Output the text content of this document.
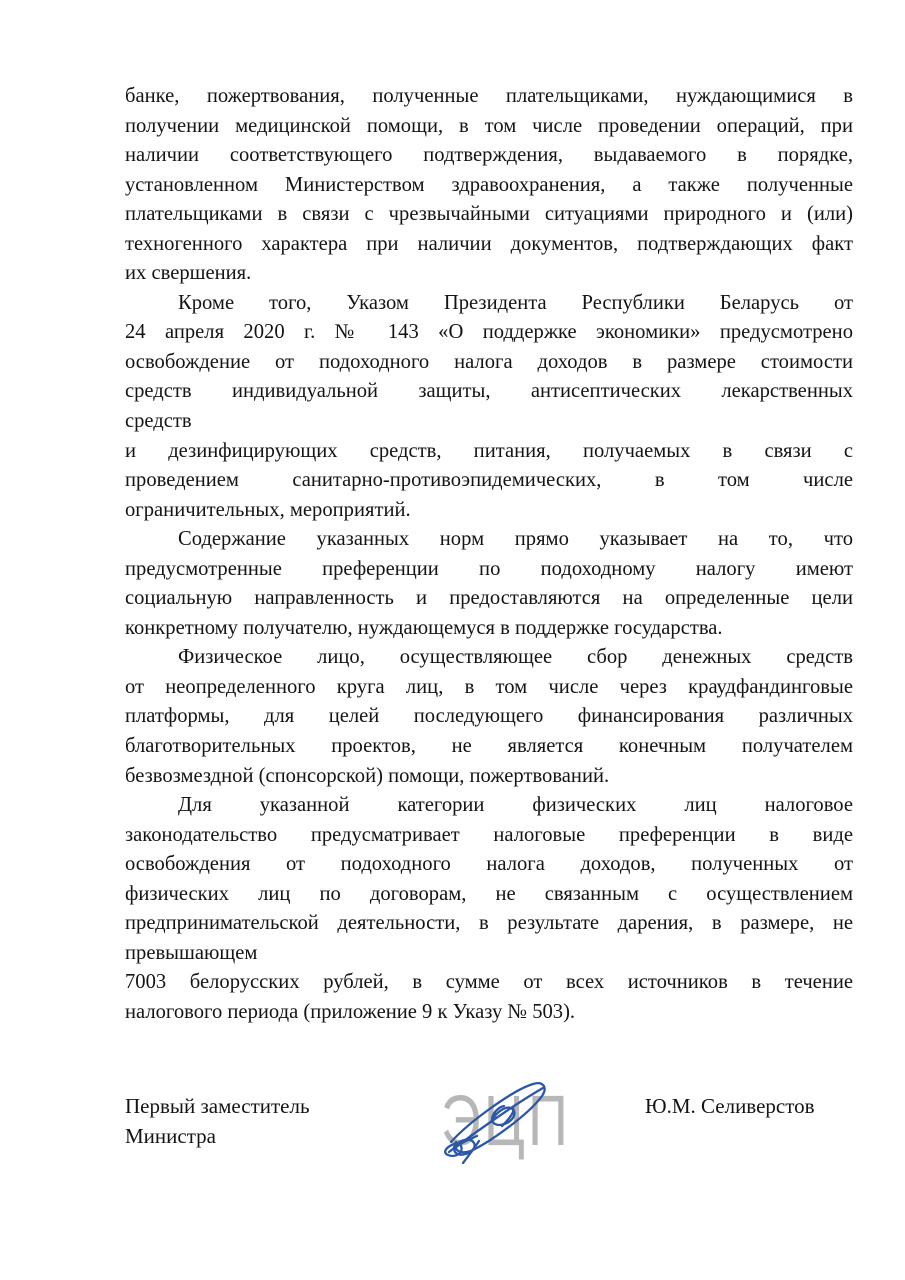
банке, пожертвования, полученные плательщиками, нуждающимися в
получении медицинской помощи, в том числе проведении операций, при
наличии соответствующего подтверждения, выдаваемого в порядке,
установленном Министерством здравоохранения, а также полученные
плательщиками в связи с чрезвычайными ситуациями природного и (или)
техногенного характера при наличии документов, подтверждающих факт
их свершения.
Кроме того, Указом Президента Республики Беларусь от
24 апреля 2020 г. № 143 «О поддержке экономики» предусмотрено
освобождение от подоходного налога доходов в размере стоимости
средств индивидуальной защиты, антисептических лекарственных
средств
и дезинфицирующих средств, питания, получаемых в связи с
проведением санитарно-противоэпидемических, в том числе
ограничительных, мероприятий.
Содержание указанных норм прямо указывает на то, что
предусмотренные преференции по подоходному налогу имеют
социальную направленность и предоставляются на определенные цели
конкретному получателю, нуждающемуся в поддержке государства.
Физическое лицо, осуществляющее сбор денежных средств
от неопределенного круга лиц, в том числе через краудфандинговые
платформы, для целей последующего финансирования различных
благотворительных проектов, не является конечным получателем
безвозмездной (спонсорской) помощи, пожертвований.
Для указанной категории физических лиц налоговое
законодательство предусматривает налоговые преференции в виде
освобождения от подоходного налога доходов, полученных от
физических лиц по договорам, не связанным с осуществлением
предпринимательской деятельности, в результате дарения, в размере, не
превышающем
7003 белорусских рублей, в сумме от всех источников в течение
налогового периода (приложение 9 к Указу № 503).
Первый заместитель
Министра	ЭЦП	Ю.М. Селиверстов
